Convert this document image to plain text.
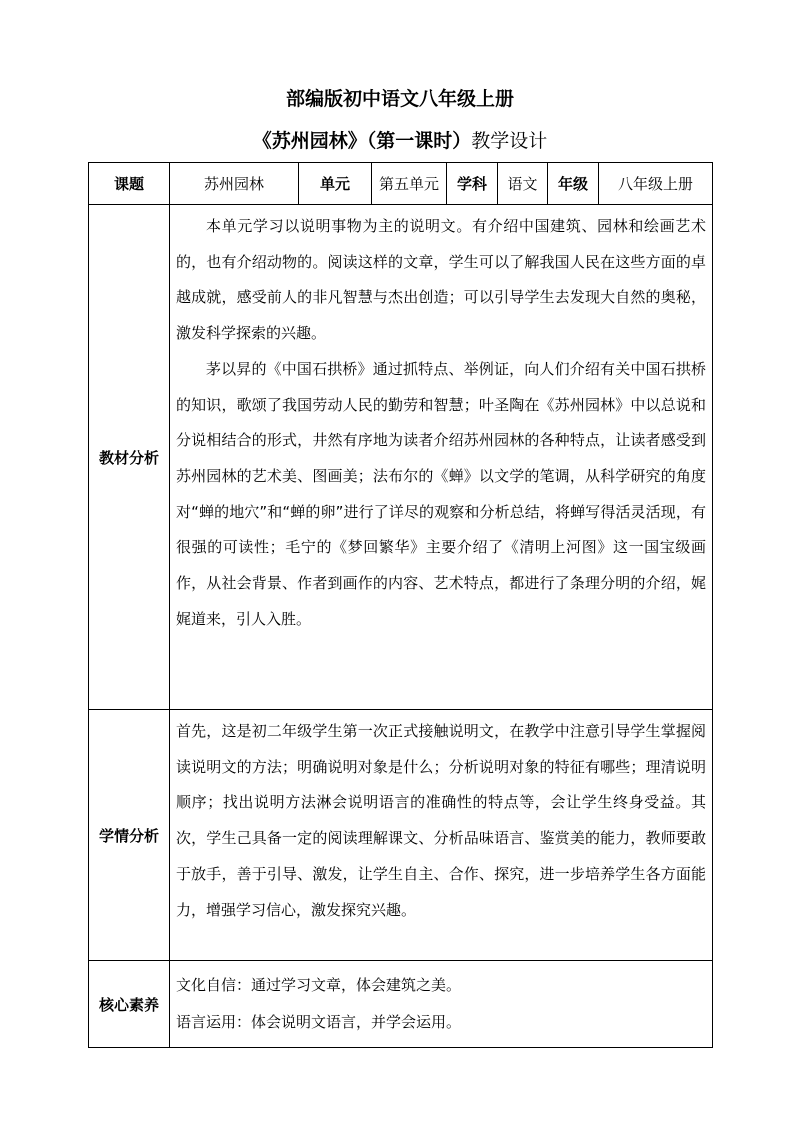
部编版初中语文八年级上册
《苏州园林》（第一课时）教学设计
课题	苏州园林	单元	第五单元	学科	语文	年级	八年级上册
教材分析	本单元学习以说明事物为主的说明文。有介绍中国建筑、园林和绘画艺术的，也有介绍动物的。阅读这样的文章，学生可以了解我国人民在这些方面的卓越成就，感受前人的非凡智慧与杰出创造；可以引导学生去发现大自然的奥秘，激发科学探索的兴趣。

茅以昇的《中国石拱桥》通过抓特点、举例证，向人们介绍有关中国石拱桥的知识，歌颂了我国劳动人民的勤劳和智慧；叶圣陶在《苏州园林》中以总说和分说相结合的形式，井然有序地为读者介绍苏州园林的各种特点，让读者感受到苏州园林的艺术美、图画美；法布尔的《蝉》以文学的笔调，从科学研究的角度对“蝉的地穴”和“蝉的卵”进行了详尽的观察和分析总结，将蝉写得活灵活现，有很强的可读性；毛宁的《梦回繁华》主要介绍了《清明上河图》这一国宝级画作，从社会背景、作者到画作的内容、艺术特点，都进行了条理分明的介绍，娓娓道来，引人入胜。						

学情分析	首先，这是初二年级学生第一次正式接触说明文，在教学中注意引导学生掌握阅读说明文的方法；明确说明对象是什么；分析说明对象的特征有哪些；理清说明顺序；找出说明方法淋会说明语言的准确性的特点等，会让学生终身受益。其次，学生己具备一定的阅读理解课文、分析品味语言、鉴赏美的能力，教师要敢于放手，善于引导、激发，让学生自主、合作、探究，进一步培养学生各方面能力，增强学习信心，激发探究兴趣。						

核心素养	文化自信：通过学习文章，体会建筑之美。

语言运用：体会说明文语言，并学会运用。						
